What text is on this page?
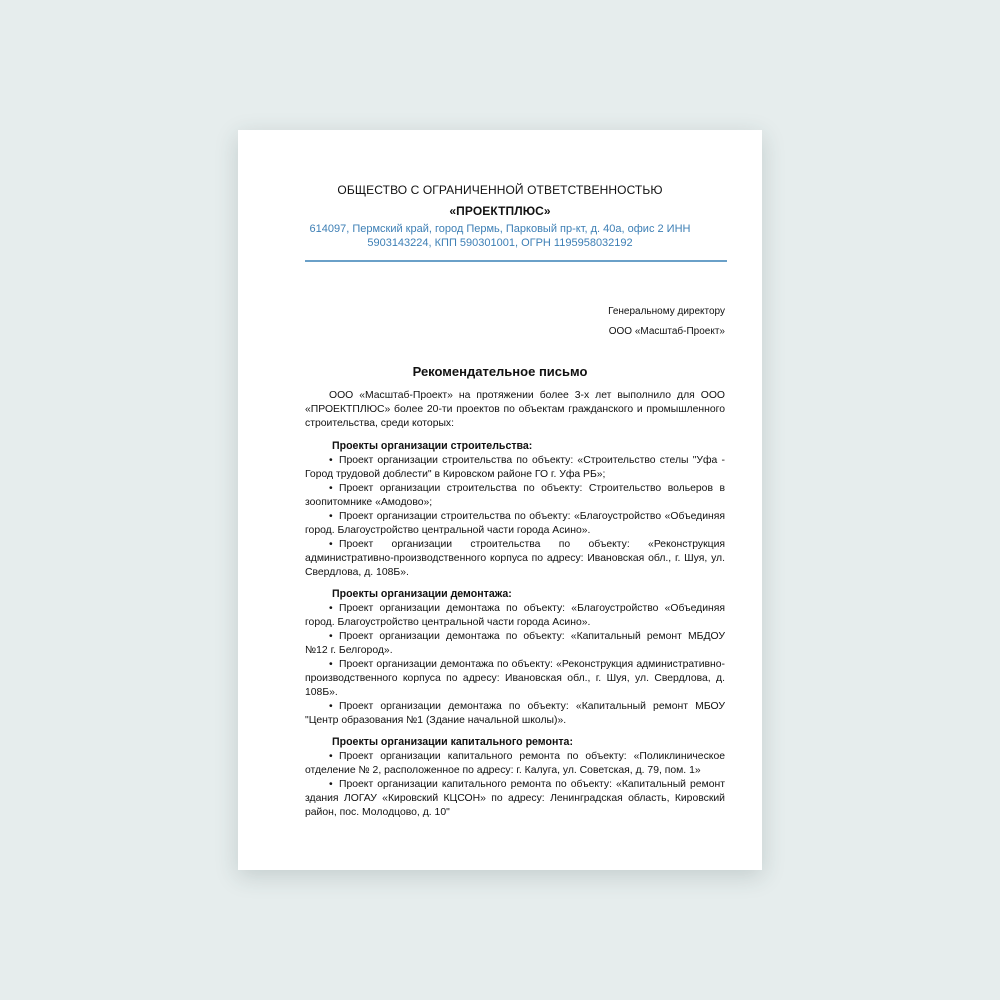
ОБЩЕСТВО С ОГРАНИЧЕННОЙ ОТВЕТСТВЕННОСТЬЮ
«ПРОЕКТПЛЮС»
614097, Пермский край, город Пермь, Парковый пр-кт, д. 40а, офис 2 ИНН 5903143224, КПП 590301001, ОГРН 1195958032192
Генеральному директору
ООО «Масштаб-Проект»
Рекомендательное письмо

ООО «Масштаб-Проект» на протяжении более 3-х лет выполнило для ООО «ПРОЕКТПЛЮС» более 20-ти проектов по объектам гражданского и промышленного строительства, среди которых:

Проекты организации строительства:

• Проект организации строительства по объекту: «Строительство стелы "Уфа - Город трудовой доблести" в Кировском районе ГО г. Уфа РБ»;

• Проект организации строительства по объекту: Строительство вольеров в зоопитомнике «Амодово»;

• Проект организации строительства по объекту: «Благоустройство «Объединяя город. Благоустройство центральной части города Асино».

• Проект организации строительства по объекту: «Реконструкция административно-производственного корпуса по адресу: Ивановская обл., г. Шуя, ул. Свердлова, д. 108Б».

Проекты организации демонтажа:

• Проект организации демонтажа по объекту: «Благоустройство «Объединяя город. Благоустройство центральной части города Асино».

• Проект организации демонтажа по объекту: «Капитальный ремонт МБДОУ №12 г. Белгород».

• Проект организации демонтажа по объекту: «Реконструкция административно-производственного корпуса по адресу: Ивановская обл., г. Шуя, ул. Свердлова, д. 108Б».

• Проект организации демонтажа по объекту: «Капитальный ремонт МБОУ "Центр образования №1 (Здание начальной школы)».

Проекты организации капитального ремонта:

• Проект организации капитального ремонта по объекту: «Поликлиническое отделение № 2, расположенное по адресу: г. Калуга, ул. Советская, д. 79, пом. 1»

• Проект организации капитального ремонта по объекту: «Капитальный ремонт здания ЛОГАУ «Кировский КЦСОН» по адресу: Ленинградская область, Кировский район, пос. Молодцово, д. 10"
